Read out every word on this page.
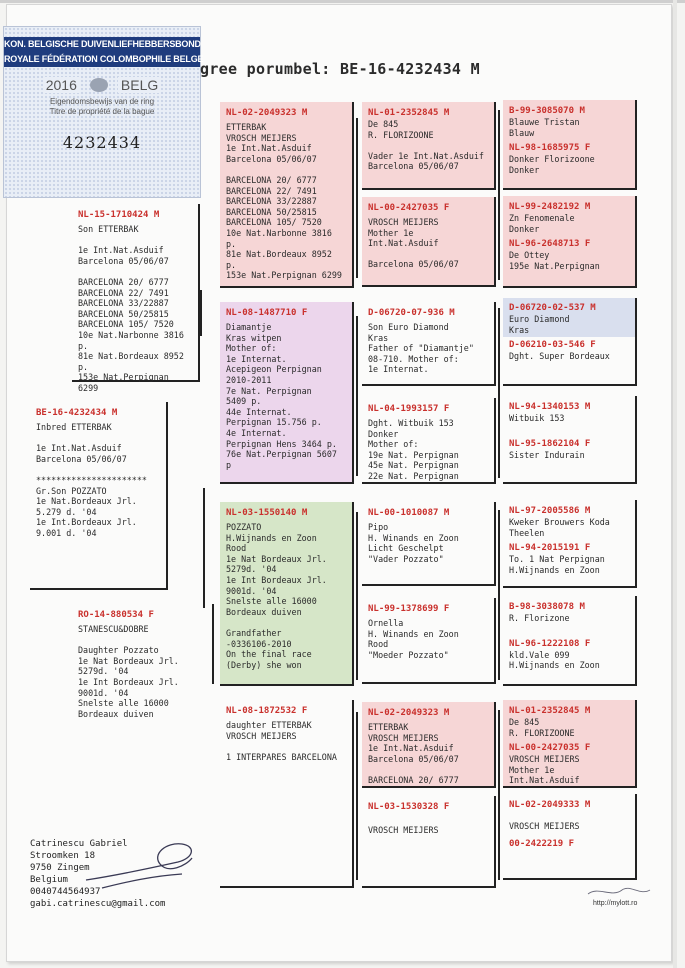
KON. BELGISCHE DUIVENLIEFHEBBERSBOND
ROYALE FÉDÉRATION COLOMBOPHILE BELGE
2016	BELG
Eigendomsbewijs van de ring
Titre de propriété de la bague
4232434
gree porumbel: BE-16-4232434 M
BE-16-4232434 M
Inbred ETTERBAK

1e Int.Nat.Asduif
Barcelona 05/06/07

**********************
Gr.Son POZZATO
1e Nat.Bordeaux Jrl.
5.279 d. '04
1e Int.Bordeaux Jrl.
9.001 d. '04
NL-15-1710424 M
Son ETTERBAK

1e Int.Nat.Asduif
Barcelona 05/06/07

BARCELONA 20/ 6777
BARCELONA 22/ 7491
BARCELONA 33/22887
BARCELONA 50/25815
BARCELONA 105/ 7520
10e Nat.Narbonne 3816 p.
81e Nat.Bordeaux 8952 p.
153e Nat.Perpignan 6299
RO-14-880534 F
STANESCU&DOBRE

Daughter Pozzato
1e Nat Bordeaux Jrl.
5279d. '04
1e Int Bordeaux Jrl.
9001d. '04
Snelste alle 16000
Bordeaux duiven
NL-02-2049323 M
ETTERBAK
VROSCH MEIJERS
1e Int.Nat.Asduif
Barcelona 05/06/07

BARCELONA 20/ 6777
BARCELONA 22/ 7491
BARCELONA 33/22887
BARCELONA 50/25815
BARCELONA 105/ 7520
10e Nat.Narbonne 3816 p.
81e Nat.Bordeaux 8952 p.
153e Nat.Perpignan 6299
NL-08-1487710 F
Diamantje
Kras witpen
Mother of:
1e Internat.
Acepigeon Perpignan
2010-2011
7e Nat. Perpignan
5409 p.
44e Internat.
Perpignan 15.756 p.
4e Internat.
Perpignan Hens 3464 p.
76e Nat.Perpignan 5607 p
NL-03-1550140 M
POZZATO
H.Wijnands en Zoon
Rood
1e Nat Bordeaux Jrl.
5279d. '04
1e Int Bordeaux Jrl.
9001d. '04
Snelste alle 16000
Bordeaux duiven

Grandfather
-0336106-2010
On the final race
(Derby) she won
NL-08-1872532 F
daughter ETTERBAK
VROSCH MEIJERS

1 INTERPARES BARCELONA
NL-01-2352845 M
De 845
R. FLORIZOONE

Vader 1e Int.Nat.Asduif
Barcelona 05/06/07
NL-00-2427035 F
VROSCH MEIJERS
Mother 1e Int.Nat.Asduif

Barcelona 05/06/07
D-06720-07-936 M
Son Euro Diamond
Kras
Father of "Diamantje"
08-710. Mother of:
1e Internat.
NL-04-1993157 F
Dght. Witbuik 153
Donker
Mother of:
19e Nat. Perpignan
45e Nat. Perpignan
22e Nat. Perpignan
NL-00-1010087 M
Pipo
H. Winands en Zoon
Licht Geschelpt
"Vader Pozzato"
NL-99-1378699 F
Ornella
H. Winands en Zoon
Rood
"Moeder Pozzato"
NL-02-2049323 M
ETTERBAK
VROSCH MEIJERS
1e Int.Nat.Asduif
Barcelona 05/06/07

BARCELONA 20/ 6777
NL-03-1530328 F
VROSCH MEIJERS
B-99-3085070 M
Blauwe Tristan
Blauw
NL-98-1685975 F
Donker Florizoone
Donker
NL-99-2482192 M
Zn Fenomenale
Donker
NL-96-2648713 F
De Ottey
195e Nat.Perpignan
D-06720-02-537 M
Euro Diamond
Kras
D-06210-03-546 F
Dght. Super Bordeaux
NL-94-1340153 M
Witbuik 153
NL-95-1862104 F
Sister Indurain
NL-97-2005586 M
Kweker Brouwers Koda
Theelen
NL-94-2015191 F
To. 1 Nat Perpignan
H.Wijnands en Zoon
B-98-3038078 M
R. Florizone
NL-96-1222108 F
kld.Vale 099
H.Wijnands en Zoon
NL-01-2352845 M
De 845
R. FLORIZOONE
NL-00-2427035 F
VROSCH MEIJERS
Mother 1e Int.Nat.Asduif
NL-02-2049333 M
VROSCH MEIJERS
00-2422219 F
Catrinescu Gabriel
Stroomken 18
9750 Zingem
Belgium
0040744564937
gabi.catrinescu@gmail.com	http://mylott.ro
